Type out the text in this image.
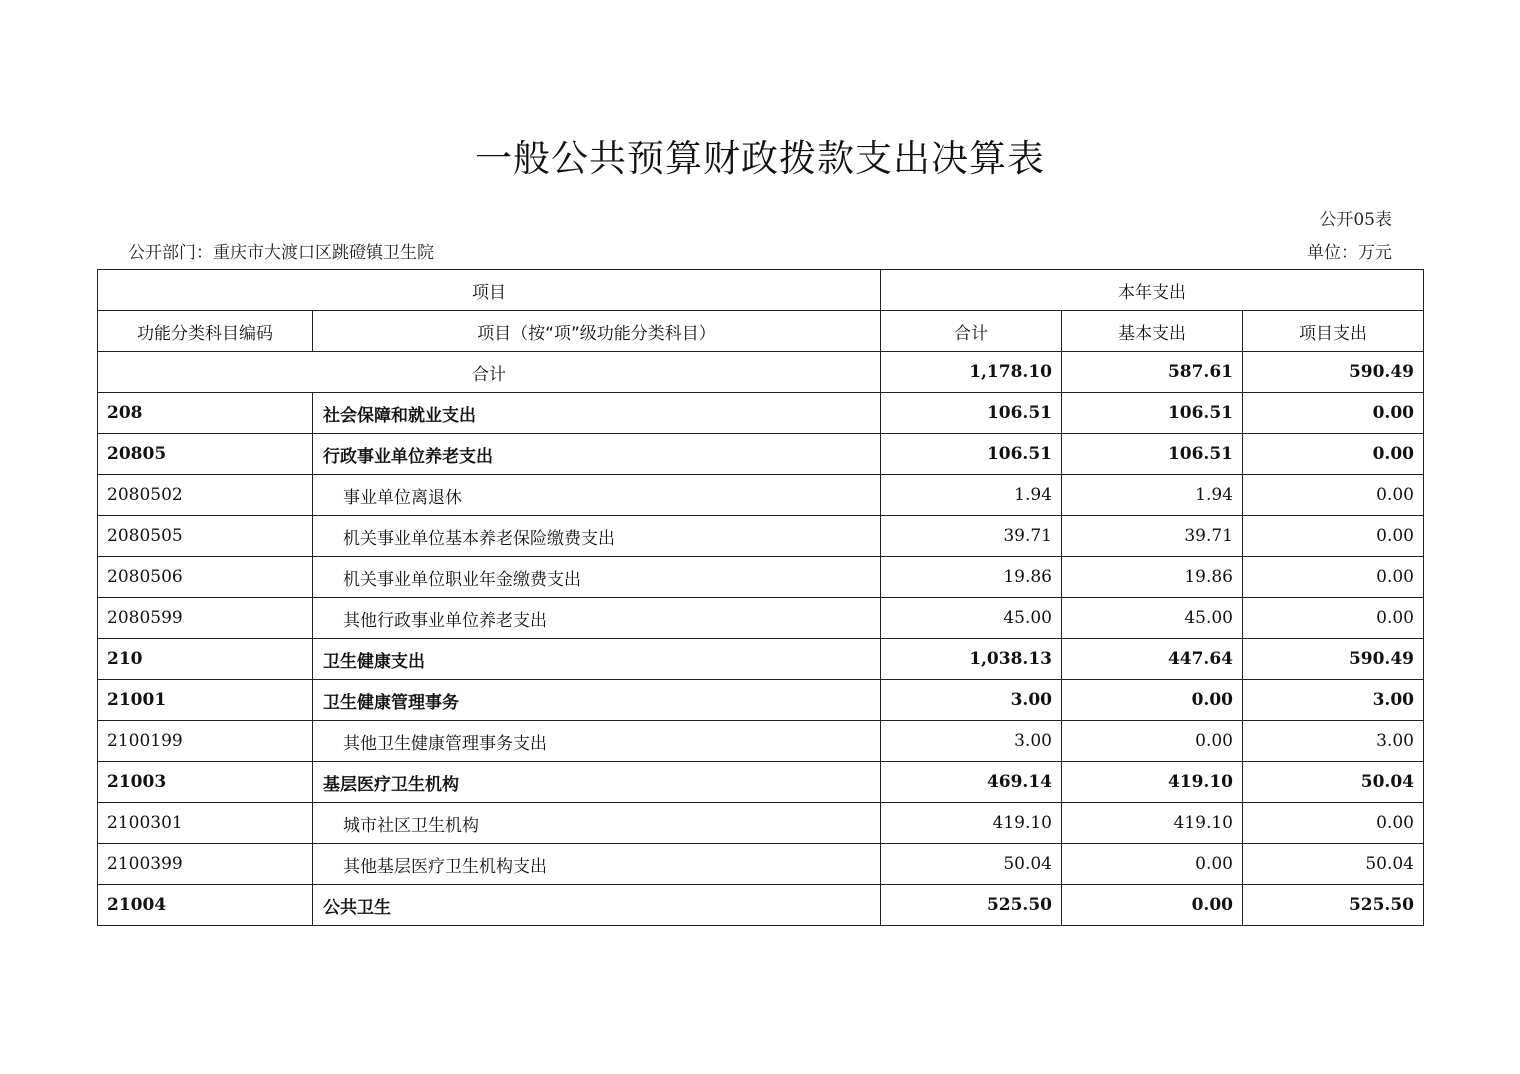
一般公共预算财政拨款支出决算表
公开05表
公开部门：重庆市大渡口区跳磴镇卫生院	单位：万元
项目		本年支出		
功能分类科目编码	项目（按“项”级功能分类科目）	合计	基本支出	项目支出
合计		1,178.10	587.61	590.49
208	社会保障和就业支出	106.51	106.51	0.00
20805	行政事业单位养老支出	106.51	106.51	0.00
2080502	事业单位离退休	1.94	1.94	0.00
2080505	机关事业单位基本养老保险缴费支出	39.71	39.71	0.00
2080506	机关事业单位职业年金缴费支出	19.86	19.86	0.00
2080599	其他行政事业单位养老支出	45.00	45.00	0.00
210	卫生健康支出	1,038.13	447.64	590.49
21001	卫生健康管理事务	3.00	0.00	3.00
2100199	其他卫生健康管理事务支出	3.00	0.00	3.00
21003	基层医疗卫生机构	469.14	419.10	50.04
2100301	城市社区卫生机构	419.10	419.10	0.00
2100399	其他基层医疗卫生机构支出	50.04	0.00	50.04
21004	公共卫生	525.50	0.00	525.50
